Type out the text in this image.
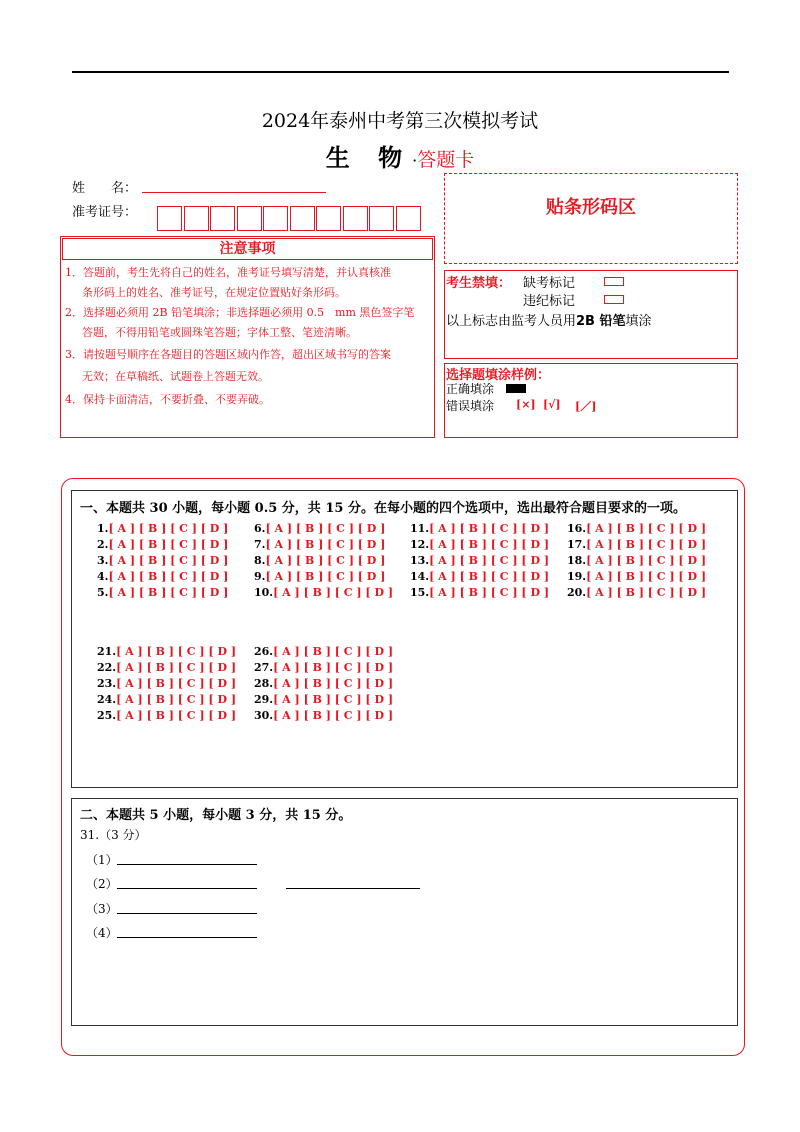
2024年泰州中考第三次模拟考试
生 物·答题卡
姓　　名：
准考证号：	贴条形码区
注意事项
1．答题前，考生先将自己的姓名，准考证号填写清楚，并认真核准
条形码上的姓名、准考证号，在规定位置贴好条形码。
2．选择题必须用 2B 铅笔填涂；非选择题必须用 0.5　mm 黑色签字笔
答题，不得用铅笔或圆珠笔答题；字体工整、笔迹清晰。
3．请按题号顺序在各题目的答题区域内作答，超出区域书写的答案
无效；在草稿纸、试题卷上答题无效。
4．保持卡面清洁，不要折叠、不要弄破。
考生禁填： 缺考标记
违纪标记
以上标志由监考人员用2B 铅笔填涂
选择题填涂样例：
正确填涂
错误填涂 [×] [√] [／]
一、本题共 30 小题，每小题 0.5 分，共 15 分。在每小题的四个选项中，选出最符合题目要求的一项。
1.[ A ] [ B ] [ C ] [ D ]
2.[ A ] [ B ] [ C ] [ D ]
3.[ A ] [ B ] [ C ] [ D ]
4.[ A ] [ B ] [ C ] [ D ]
5.[ A ] [ B ] [ C ] [ D ]
6.[ A ] [ B ] [ C ] [ D ]
7.[ A ] [ B ] [ C ] [ D ]
8.[ A ] [ B ] [ C ] [ D ]
9.[ A ] [ B ] [ C ] [ D ]
10.[ A ] [ B ] [ C ] [ D ]
11.[ A ] [ B ] [ C ] [ D ]
12.[ A ] [ B ] [ C ] [ D ]
13.[ A ] [ B ] [ C ] [ D ]
14.[ A ] [ B ] [ C ] [ D ]
15.[ A ] [ B ] [ C ] [ D ]
16.[ A ] [ B ] [ C ] [ D ]
17.[ A ] [ B ] [ C ] [ D ]
18.[ A ] [ B ] [ C ] [ D ]
19.[ A ] [ B ] [ C ] [ D ]
20.[ A ] [ B ] [ C ] [ D ]
21.[ A ] [ B ] [ C ] [ D ]
22.[ A ] [ B ] [ C ] [ D ]
23.[ A ] [ B ] [ C ] [ D ]
24.[ A ] [ B ] [ C ] [ D ]
25.[ A ] [ B ] [ C ] [ D ]
26.[ A ] [ B ] [ C ] [ D ]
27.[ A ] [ B ] [ C ] [ D ]
28.[ A ] [ B ] [ C ] [ D ]
29.[ A ] [ B ] [ C ] [ D ]
30.[ A ] [ B ] [ C ] [ D ]
二、本题共 5 小题，每小题 3 分，共 15 分。
31.（3 分）
（1）
（2）
（3）
（4）
